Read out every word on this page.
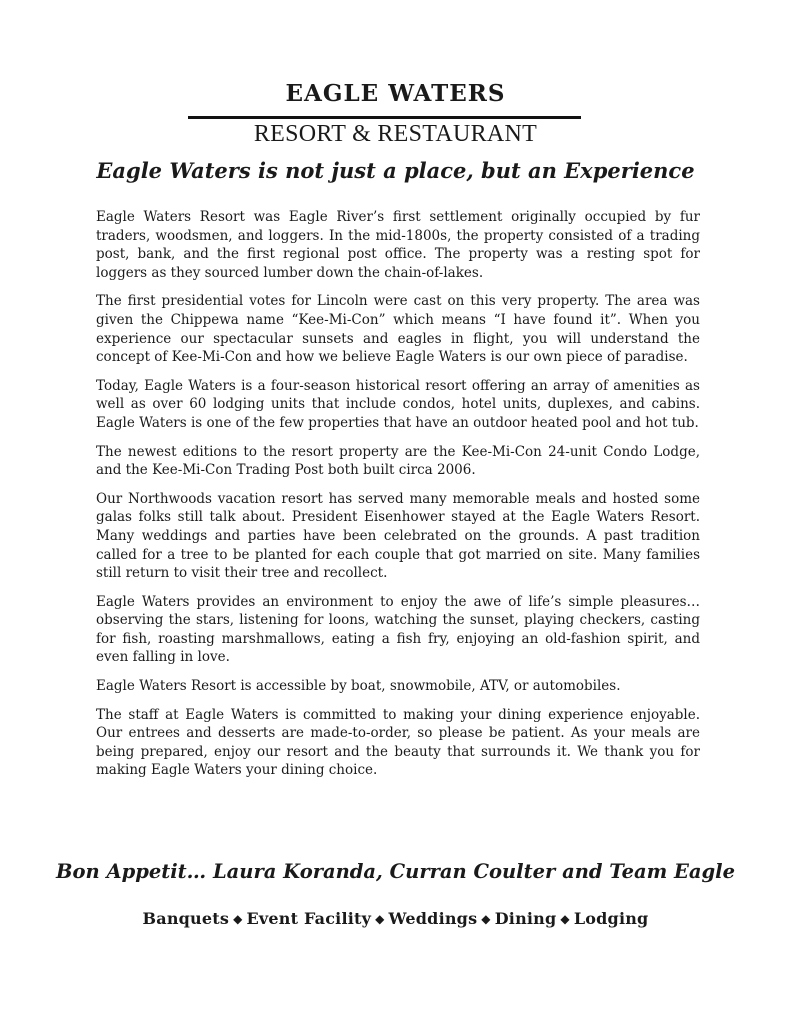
EAGLE WATERS
RESORT & RESTAURANT
Eagle Waters is not just a place, but an Experience

Eagle Waters Resort was Eagle River’s first settlement originally occupied by fur traders, woodsmen, and loggers. In the mid-1800s, the property consisted of a trading post, bank, and the first regional post office. The property was a resting spot for loggers as they sourced lumber down the chain-of-lakes.

The first presidential votes for Lincoln were cast on this very property. The area was given the Chippewa name “Kee-Mi-Con” which means “I have found it”. When you experience our spectacular sunsets and eagles in flight, you will understand the concept of Kee-Mi-Con and how we believe Eagle Waters is our own piece of paradise.

Today, Eagle Waters is a four-season historical resort offering an array of amenities as well as over 60 lodging units that include condos, hotel units, duplexes, and cabins. Eagle Waters is one of the few properties that have an outdoor heated pool and hot tub.

The newest editions to the resort property are the Kee-Mi-Con 24-unit Condo Lodge, and the Kee-Mi-Con Trading Post both built circa 2006.

Our Northwoods vacation resort has served many memorable meals and hosted some galas folks still talk about. President Eisenhower stayed at the Eagle Waters Resort. Many weddings and parties have been celebrated on the grounds. A past tradition called for a tree to be planted for each couple that got married on site. Many families still return to visit their tree and recollect.

Eagle Waters provides an environment to enjoy the awe of life’s simple pleasures… observing the stars, listening for loons, watching the sunset, playing checkers, casting for fish, roasting marshmallows, eating a fish fry, enjoying an old-fashion spirit, and even falling in love.

Eagle Waters Resort is accessible by boat, snowmobile, ATV, or automobiles.

The staff at Eagle Waters is committed to making your dining experience enjoyable. Our entrees and desserts are made-to-order, so please be patient. As your meals are being prepared, enjoy our resort and the beauty that surrounds it. We thank you for making Eagle Waters your dining choice.

Bon Appetit… Laura Koranda, Curran Coulter and Team Eagle
Banquets ◆ Event Facility ◆ Weddings ◆ Dining ◆ Lodging
